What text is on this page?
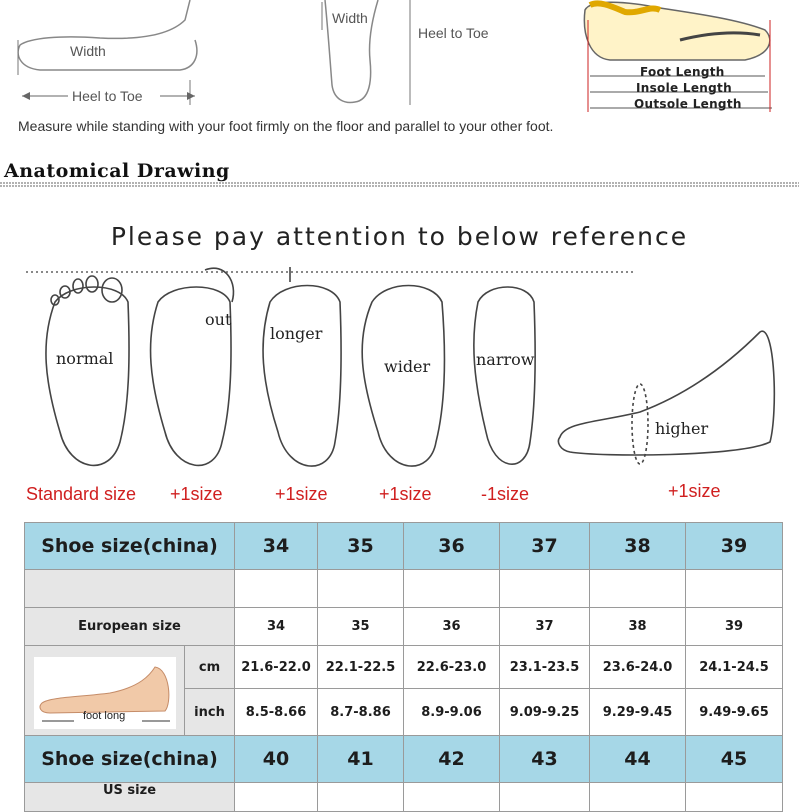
Width
Heel to Toe
Width
Heel to Toe
Foot Length
Insole Length
Outsole Length
Measure while standing with your foot firmly on the floor and parallel to your other foot.
Anatomical Drawing
Please pay attention to below reference
normal
out
longer
wider	narrow
higher
Standard size +1size	+1size	+1size	-1size	+1size
Shoe size(china)		34	35	36	37	38	39

European size		34	35	36	37	38	39

foot long	cm	21.6-22.0	22.1-22.5	22.6-23.0	23.1-23.5	23.6-24.0	24.1-24.5
	inch	8.5-8.66	8.7-8.86	8.9-9.06	9.09-9.25	9.29-9.45	9.49-9.65
Shoe size(china)		40	41	42	43	44	45
US size							
